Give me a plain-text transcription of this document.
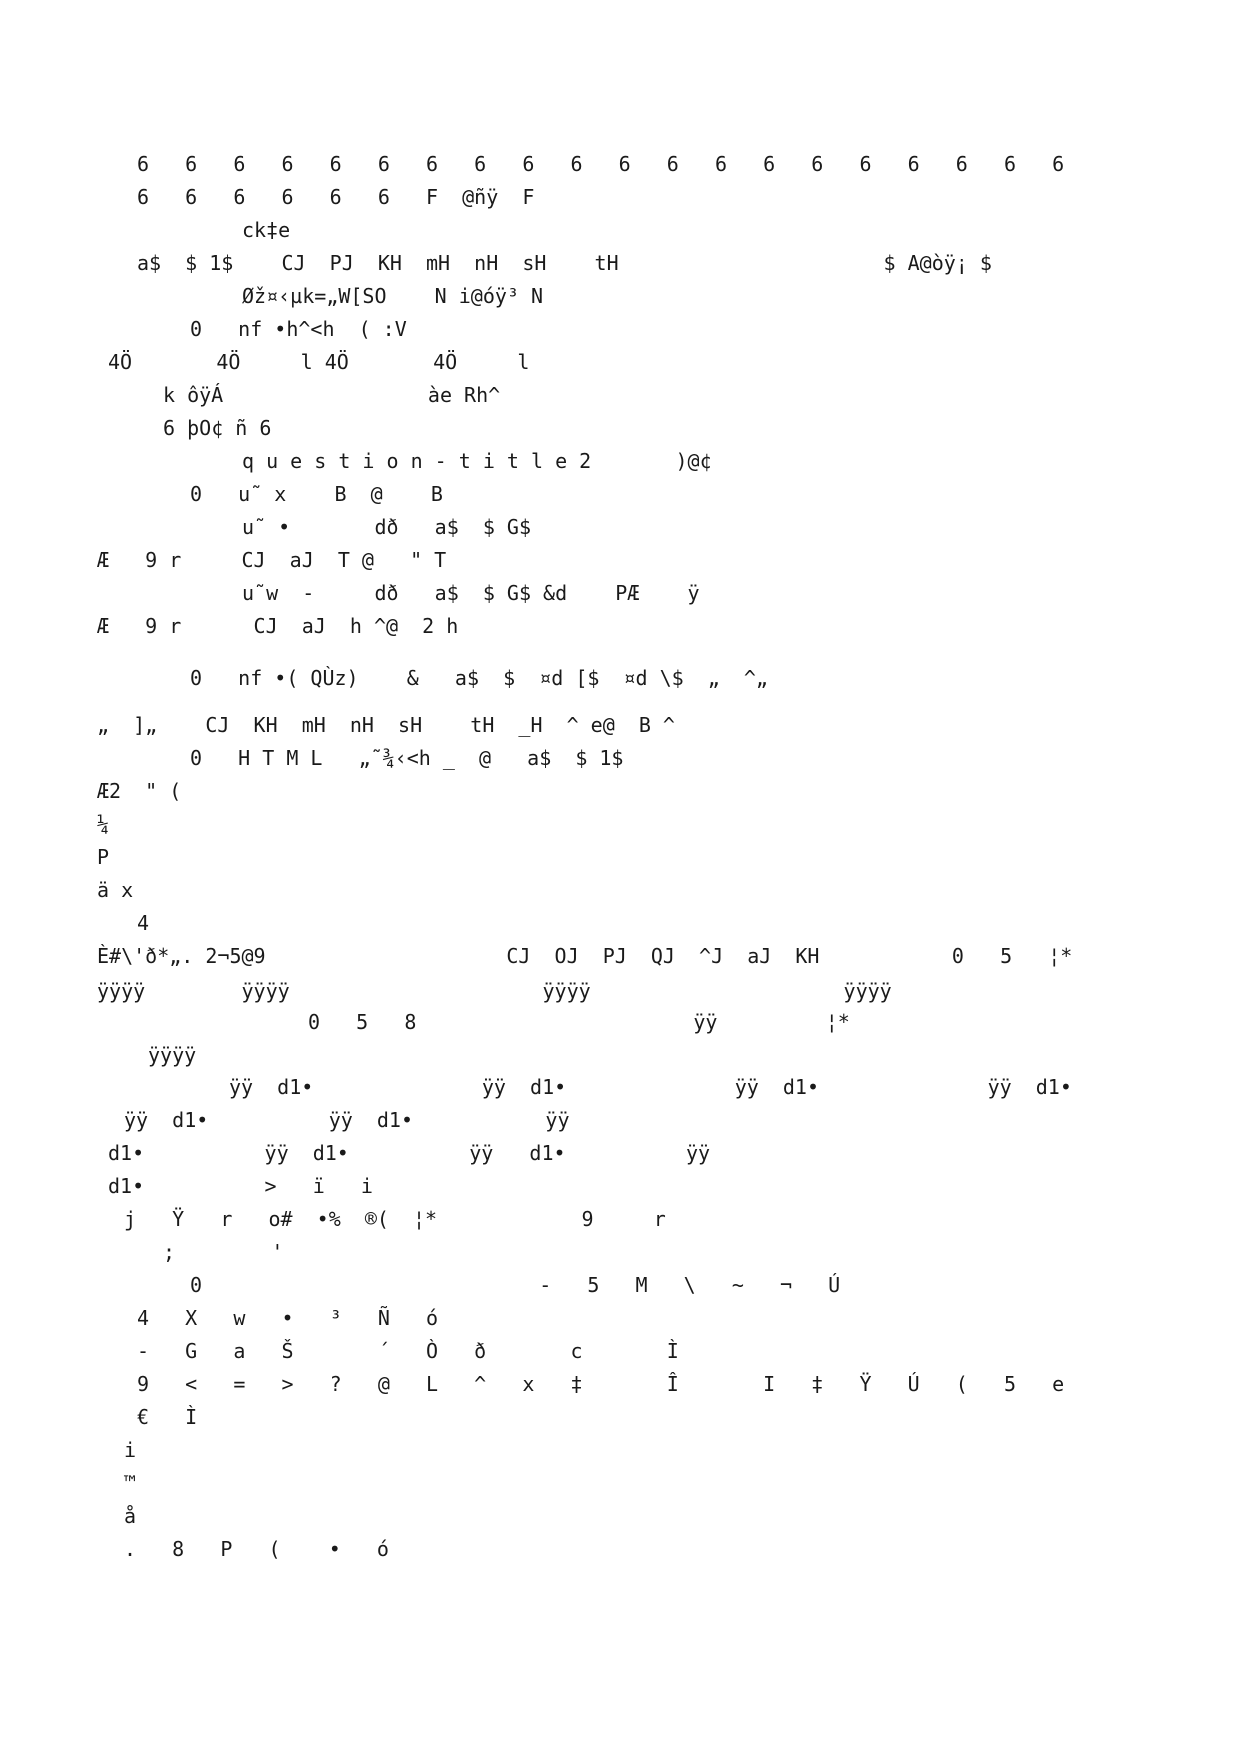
6   6   6   6   6   6   6   6   6   6   6   6   6   6   6   6   6   6   6   6
6   6   6   6   6   6   F  @ñÿ  F
ck‡e
a$  $ 1$    CJ  PJ  KH  mH  nH  sH    tH                      $ A@òÿ¡ $
Øž¤‹µk=„W[SO    N i@óÿ³ N
0   nf •h^<h  ( :V
4Ö       4Ö     l 4Ö       4Ö     l
k ôÿÁ                 àe Rh^
6 þO¢ ñ 6
q u e s t i o n - t i t l e 2       )@¢
0   u˜ x    B  @    B
u˜ •       dð   a$  $ G$
Æ   9 r     CJ  aJ  T @   " T
u˜w  -     dð   a$  $ G$ &d    PÆ    ÿ
Æ   9 r      CJ  aJ  h ^@  2 h
0   nf •( QÙz)    &   a$  $  ¤d [$  ¤d \$  „  ^„
„  ]„    CJ  KH  mH  nH  sH    tH  _H  ^ e@  B ^
0   H T M L   „˜¾‹<h _  @   a$  $ 1$
Æ2  " (
¼
P
ä x
4
È#\'ð*„. 2¬5@9                    CJ  OJ  PJ  QJ  ^J  aJ  KH           0   5   ¦*
ÿÿÿÿ        ÿÿÿÿ                     ÿÿÿÿ                     ÿÿÿÿ
0   5   8                       ÿÿ         ¦*
ÿÿÿÿ
ÿÿ  d1•              ÿÿ  d1•              ÿÿ  d1•              ÿÿ  d1•
ÿÿ  d1•          ÿÿ  d1•           ÿÿ
d1•          ÿÿ  d1•          ÿÿ   d1•          ÿÿ
d1•          >   ï   i
j   Ÿ   r   o#  •%  ®(  ¦*            9     r
;        '
0                            -   5   M   \   ~   ¬   Ú
4   X   w   •   ³   Ñ   ó
-   G   a   Š       ´   Ò   ð       c       Ì
9   <   =   >   ?   @   L   ^   x   ‡       Î       I   ‡   Ÿ   Ú   (   5   e
€   Ì
i
™
å
.   8   P   (    •   ó
